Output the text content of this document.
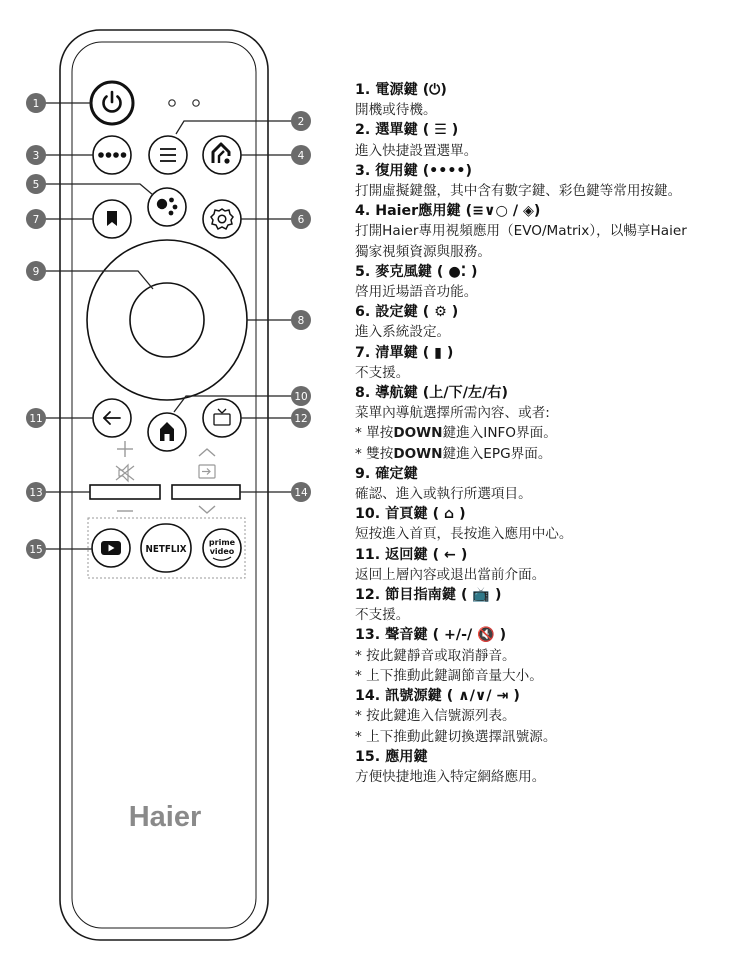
NETFLIX
prime
video
Haier
1
2
3	4
5
6
7
8
9
10
11	12
13	14
15
1. 電源鍵 (⏻)
開機或待機。
2. 選單鍵 ( ☰ )
進入快捷設置選單。
3. 復用鍵 (••••)
打開虛擬鍵盤，其中含有數字鍵、彩色鍵等常用按鍵。
4. Haier應用鍵 (≡∨○ / ◈)
打開Haier專用視頻應用（EVO/Matrix），以暢享Haier
獨家視頻資源與服務。
5. 麥克風鍵 ( ●⁚ )
啓用近場語音功能。
6. 設定鍵 ( ⚙ )
進入系統設定。
7. 清單鍵 ( ▮ )
不支援。
8. 導航鍵 (上/下/左/右)
菜單內導航選擇所需內容、或者:
* 單按DOWN鍵進入INFO界面。
* 雙按DOWN鍵進入EPG界面。
9. 確定鍵
確認、進入或執行所選項目。
10. 首頁鍵 ( ⌂ )
短按進入首頁，長按進入應用中心。
11. 返回鍵 ( ← )
返回上層內容或退出當前介面。
12. 節目指南鍵 ( 📺 )
不支援。
13. 聲音鍵 ( +/-/ 🔇 )
* 按此鍵靜音或取消靜音。
* 上下推動此鍵調節音量大小。
14. 訊號源鍵 ( ∧/∨/ ⇥ )
* 按此鍵進入信號源列表。
* 上下推動此鍵切換選擇訊號源。
15. 應用鍵
方便快捷地進入特定網絡應用。
